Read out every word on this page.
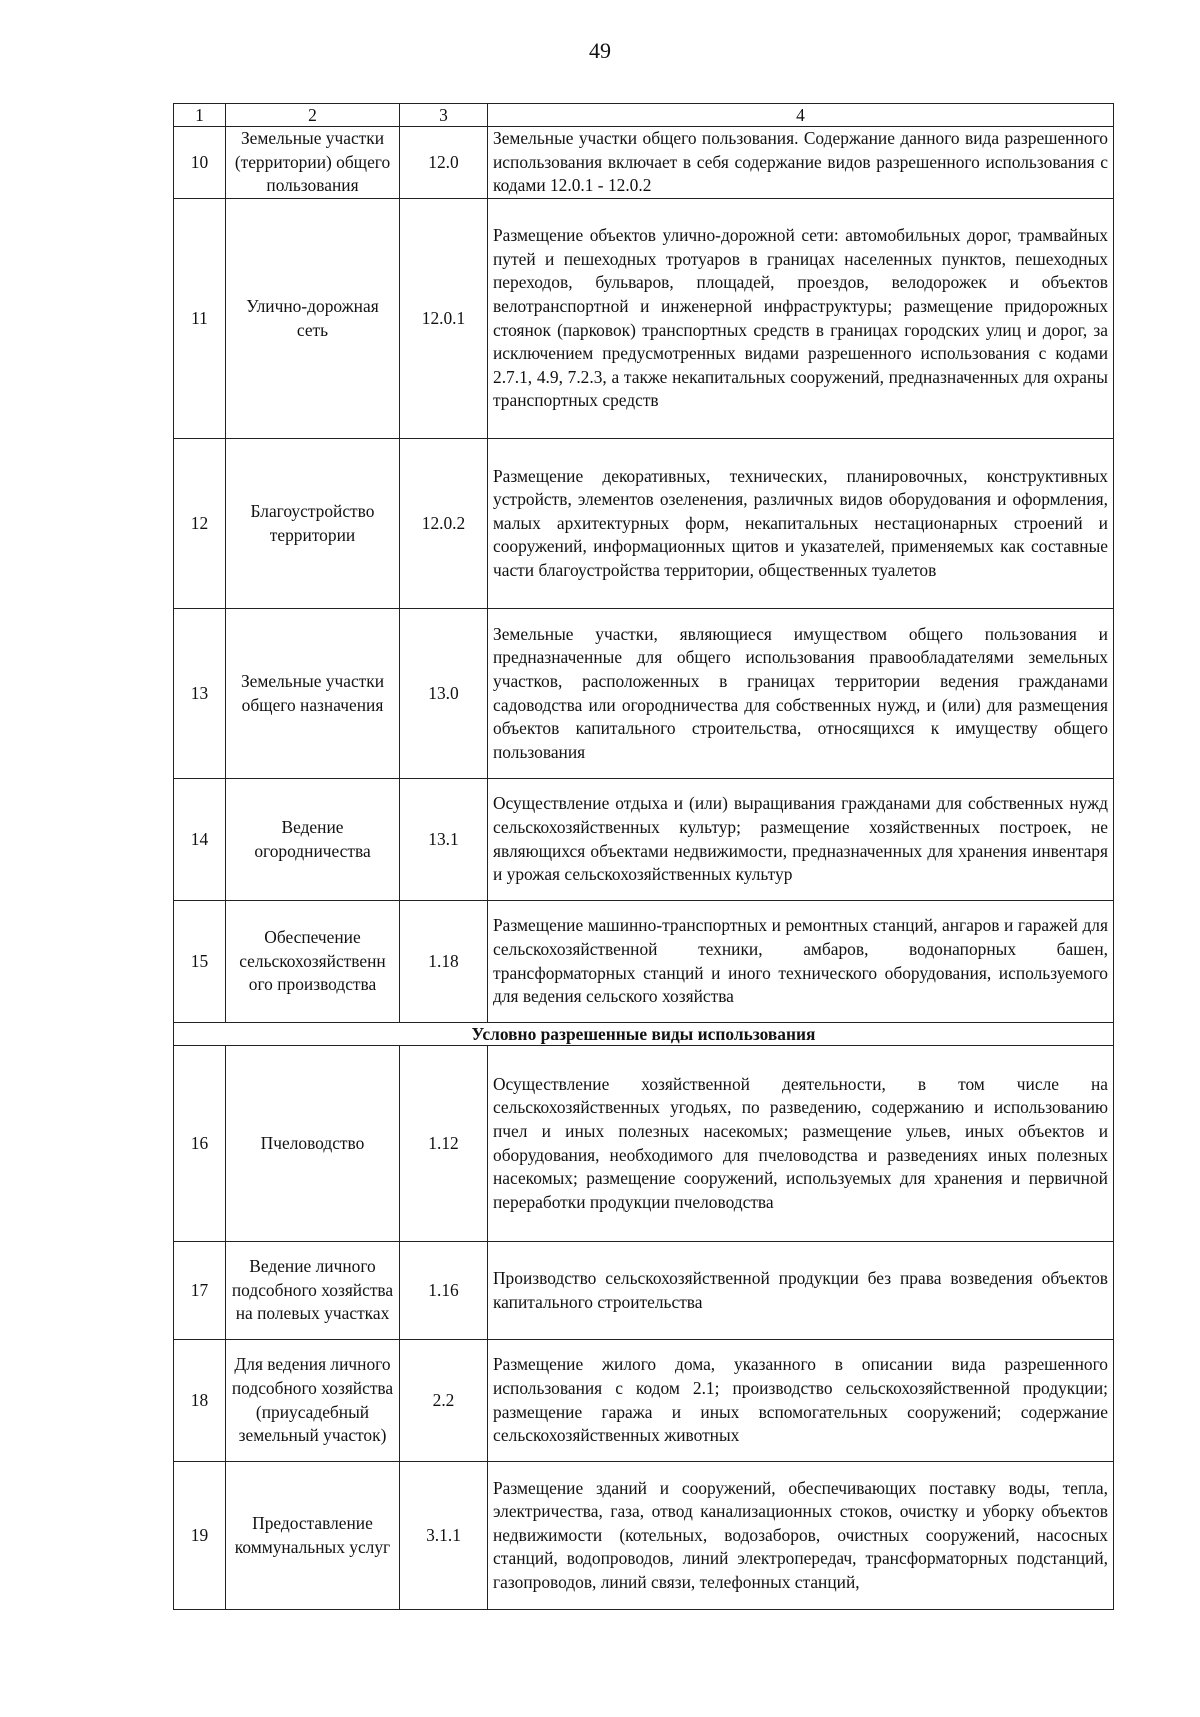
49
1	2	3	4
10	Земельные участки (территории) общего пользования	12.0	Земельные участки общего пользования. Содержание данного вида разрешенного использования включает в себя содержание видов разрешенного использования с кодами 12.0.1 - 12.0.2
11	Улично-дорожная сеть	12.0.1	Размещение объектов улично-дорожной сети: автомобильных дорог, трамвайных путей и пешеходных тротуаров в границах населенных пунктов, пешеходных переходов, бульваров, площадей, проездов, велодорожек и объектов велотранспортной и инженерной инфраструктуры; размещение придорожных стоянок (парковок) транспортных средств в границах городских улиц и дорог, за исключением предусмотренных видами разрешенного использования с кодами 2.7.1, 4.9, 7.2.3, а также некапитальных сооружений, предназначенных для охраны транспортных средств
12	Благоустройство территории	12.0.2	Размещение декоративных, технических, планировочных, конструктивных устройств, элементов озеленения, различных видов оборудования и оформления, малых архитектурных форм, некапитальных нестационарных строений и сооружений, информационных щитов и указателей, применяемых как составные части благоустройства территории, общественных туалетов
13	Земельные участки общего назначения	13.0	Земельные участки, являющиеся имуществом общего пользования и предназначенные для общего использования правообладателями земельных участков, расположенных в границах территории ведения гражданами садоводства или огородничества для собственных нужд, и (или) для размещения объектов капитального строительства, относящихся к имуществу общего пользования
14	Ведение огородничества	13.1	Осуществление отдыха и (или) выращивания гражданами для собственных нужд сельскохозяйственных культур; размещение хозяйственных построек, не являющихся объектами недвижимости, предназначенных для хранения инвентаря и урожая сельскохозяйственных культур
15	Обеспечение сельскохозяйственн ого производства	1.18	Размещение машинно-транспортных и ремонтных станций, ангаров и гаражей для сельскохозяйственной техники, амбаров, водонапорных башен, трансформаторных станций и иного технического оборудования, используемого для ведения сельского хозяйства
Условно разрешенные виды использования			
16	Пчеловодство	1.12	Осуществление хозяйственной деятельности, в том числе на сельскохозяйственных угодьях, по разведению, содержанию и использованию пчел и иных полезных насекомых; размещение ульев, иных объектов и оборудования, необходимого для пчеловодства и разведениях иных полезных насекомых; размещение сооружений, используемых для хранения и первичной переработки продукции пчеловодства
17	Ведение личного подсобного хозяйства на полевых участках	1.16	Производство сельскохозяйственной продукции без права возведения объектов капитального строительства
18	Для ведения личного подсобного хозяйства (приусадебный земельный участок)	2.2	Размещение жилого дома, указанного в описании вида разрешенного использования с кодом 2.1; производство сельскохозяйственной продукции; размещение гаража и иных вспомогательных сооружений; содержание сельскохозяйственных животных
19	Предоставление коммунальных услуг	3.1.1	Размещение зданий и сооружений, обеспечивающих поставку воды, тепла, электричества, газа, отвод канализационных стоков, очистку и уборку объектов недвижимости (котельных, водозаборов, очистных сооружений, насосных станций, водопроводов, линий электропередач, трансформаторных подстанций, газопроводов, линий связи, телефонных станций,
